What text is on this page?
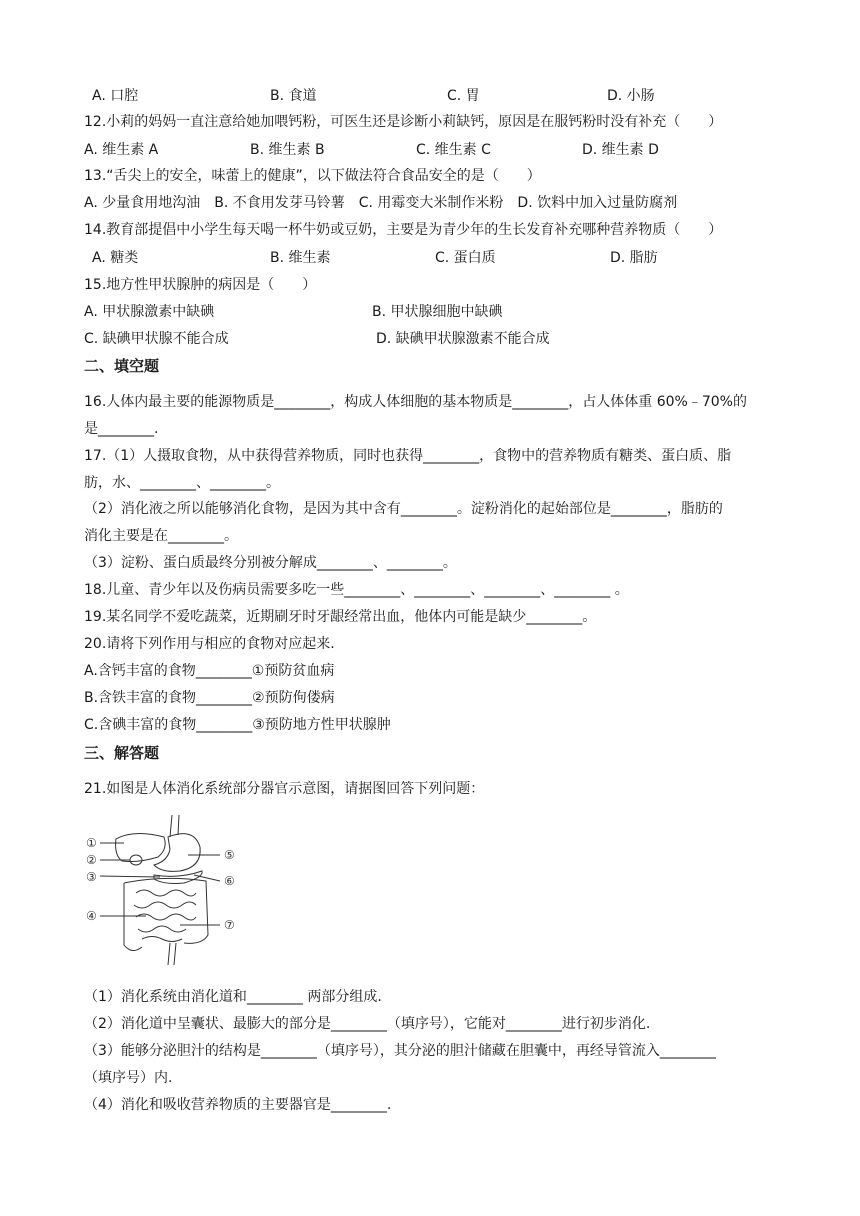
A. 口腔	B. 食道	C. 胃	D. 小肠
12.小莉的妈妈一直注意给她加喂钙粉，可医生还是诊断小莉缺钙，原因是在服钙粉时没有补充（　　）
A. 维生素 A	B. 维生素 B	C. 维生素 C	D. 维生素 D
13.“舌尖上的安全，味蕾上的健康”，以下做法符合食品安全的是（　　）
A. 少量食用地沟油　B. 不食用发芽马铃薯　C. 用霉变大米制作米粉　D. 饮料中加入过量防腐剂
14.教育部提倡中小学生每天喝一杯牛奶或豆奶，主要是为青少年的生长发育补充哪种营养物质（　　）
A. 糖类	B. 维生素	C. 蛋白质	D. 脂肪
15.地方性甲状腺肿的病因是（　　）
A. 甲状腺激素中缺碘	B. 甲状腺细胞中缺碘
C. 缺碘甲状腺不能合成	D. 缺碘甲状腺激素不能合成
二、填空题
16.人体内最主要的能源物质是________，构成人体细胞的基本物质是________，占人体体重 60%﹣70%的
是________.
17.（1）人摄取食物，从中获得营养物质，同时也获得________，食物中的营养物质有糖类、蛋白质、脂
肪，水、________、________。
（2）消化液之所以能够消化食物，是因为其中含有________。淀粉消化的起始部位是________，脂肪的
消化主要是在________。
（3）淀粉、蛋白质最终分别被分解成________、________。
18.儿童、青少年以及伤病员需要多吃一些________、________、________、________ 。
19.某名同学不爱吃蔬菜，近期刷牙时牙龈经常出血，他体内可能是缺少________。
20.请将下列作用与相应的食物对应起来.
A.含钙丰富的食物________①预防贫血病
B.含铁丰富的食物________②预防佝偻病
C.含碘丰富的食物________③预防地方性甲状腺肿
三、解答题
21.如图是人体消化系统部分器官示意图，请据图回答下列问题：
①
②
③
④
⑤
⑥
⑦
（1）消化系统由消化道和________ 两部分组成.
（2）消化道中呈囊状、最膨大的部分是________（填序号），它能对________进行初步消化.
（3）能够分泌胆汁的结构是________（填序号），其分泌的胆汁储藏在胆囊中，再经导管流入________
（填序号）内.
（4）消化和吸收营养物质的主要器官是________.
